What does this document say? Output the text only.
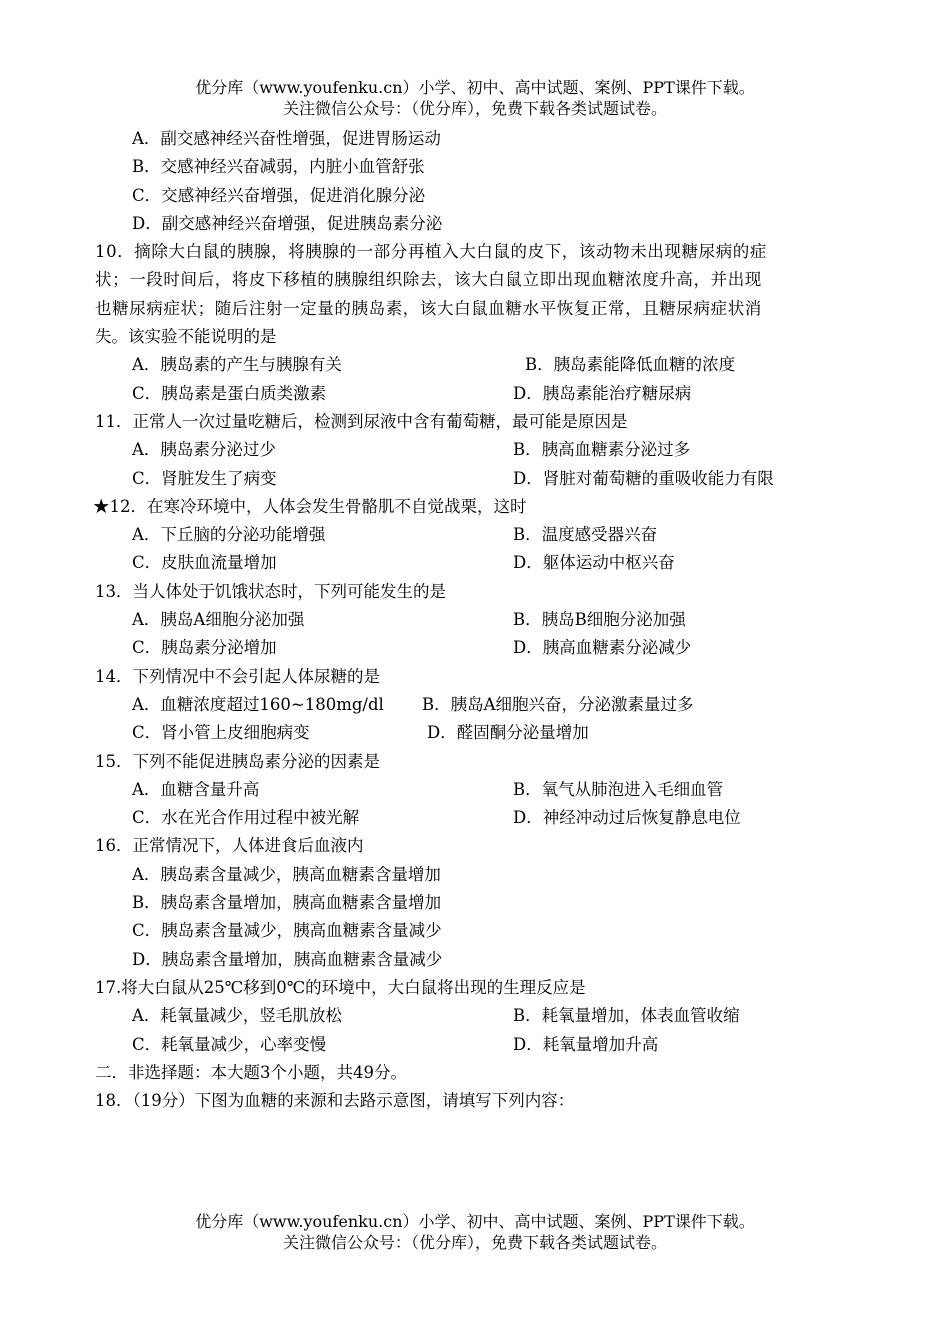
优分库（www.youfenku.cn）小学、初中、高中试题、案例、PPT课件下载。
关注微信公众号：（优分库），免费下载各类试题试卷。
A．副交感神经兴奋性增强，促进胃肠运动
B．交感神经兴奋减弱，内脏小血管舒张
C．交感神经兴奋增强，促进消化腺分泌
D．副交感神经兴奋增强，促进胰岛素分泌
10．摘除大白鼠的胰腺，将胰腺的一部分再植入大白鼠的皮下，该动物未出现糖尿病的症
状；一段时间后，将皮下移植的胰腺组织除去，该大白鼠立即出现血糖浓度升高，并出现
也糖尿病症状；随后注射一定量的胰岛素，该大白鼠血糖水平恢复正常，且糖尿病症状消
失。该实验不能说明的是
A．胰岛素的产生与胰腺有关	B．胰岛素能降低血糖的浓度
C．胰岛素是蛋白质类激素	D．胰岛素能治疗糖尿病
11．正常人一次过量吃糖后，检测到尿液中含有葡萄糖，最可能是原因是
A．胰岛素分泌过少	B．胰高血糖素分泌过多
C．肾脏发生了病变	D．肾脏对葡萄糖的重吸收能力有限
★12．在寒冷环境中，人体会发生骨骼肌不自觉战栗，这时
A．下丘脑的分泌功能增强	B．温度感受器兴奋
C．皮肤血流量增加	D．躯体运动中枢兴奋
13．当人体处于饥饿状态时，下列可能发生的是
A．胰岛A细胞分泌加强	B．胰岛B细胞分泌加强
C．胰岛素分泌增加	D．胰高血糖素分泌减少
14．下列情况中不会引起人体尿糖的是
A．血糖浓度超过160~180mg/dl B．胰岛A细胞兴奋，分泌激素量过多
C．肾小管上皮细胞病变	D．醛固酮分泌量增加
15．下列不能促进胰岛素分泌的因素是
A．血糖含量升高	B．氧气从肺泡进入毛细血管
C．水在光合作用过程中被光解	D．神经冲动过后恢复静息电位
16．正常情况下，人体进食后血液内
A．胰岛素含量减少，胰高血糖素含量增加
B．胰岛素含量增加，胰高血糖素含量增加
C．胰岛素含量减少，胰高血糖素含量减少
D．胰岛素含量增加，胰高血糖素含量减少
17.将大白鼠从25℃移到0℃的环境中，大白鼠将出现的生理反应是
A．耗氧量减少，竖毛肌放松	B．耗氧量增加，体表血管收缩
C．耗氧量减少，心率变慢	D．耗氧量增加升高
二．非选择题：本大题3个小题，共49分。
18．（19分）下图为血糖的来源和去路示意图，请填写下列内容：
优分库（www.youfenku.cn）小学、初中、高中试题、案例、PPT课件下载。
关注微信公众号：（优分库），免费下载各类试题试卷。
